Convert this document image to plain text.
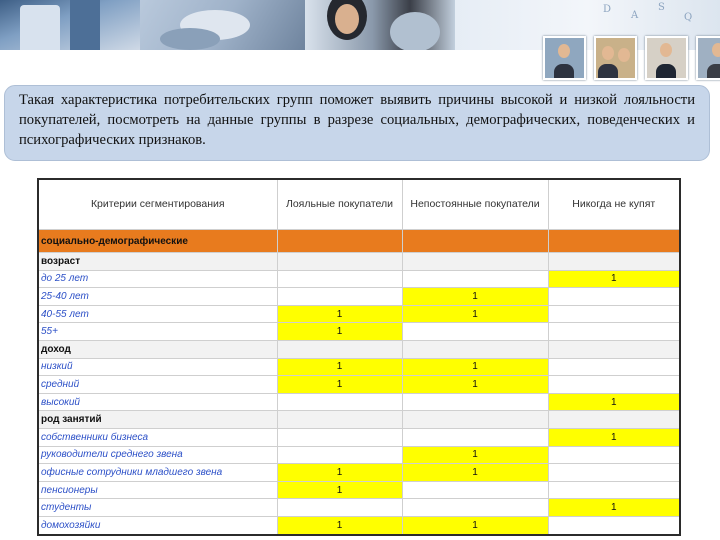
D
A
S
Q

Такая характеристика потребительских групп поможет выявить причины высокой и низкой лояльности покупателей, посмотреть на данные группы в разрезе социальных, демографических, поведенческих и психографических признаков.

Критерии сегментирования	Лояльные покупатели	Непостоянные покупатели	Никогда не купят
социально-демографические			
возраст			
до 25 лет			1
25-40 лет		1	
40-55 лет	1	1	
55+	1		
доход			
низкий	1	1	
средний	1	1	
высокий			1
род занятий			
собственники бизнеса			1
руководители среднего звена		1	
офисные сотрудники младшего звена	1	1	
пенсионеры	1		
студенты			1
домохозяйки	1	1	
